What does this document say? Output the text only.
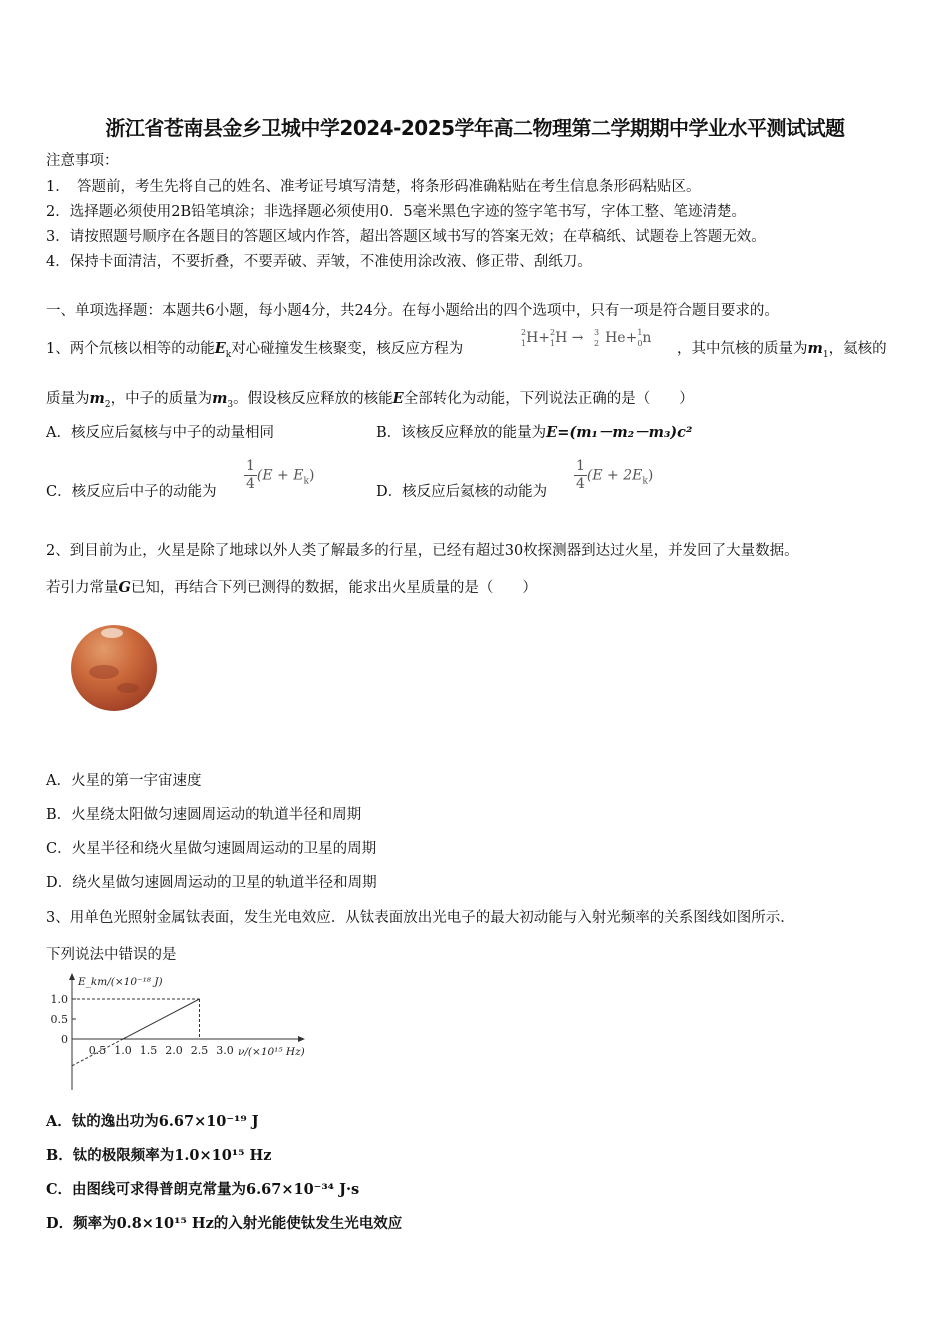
浙江省苍南县金乡卫城中学2024-2025学年高二物理第二学期期中学业水平测试试题
注意事项：
1．　答题前，考生先将自己的姓名、准考证号填写清楚，将条形码准确粘贴在考生信息条形码粘贴区。
2．选择题必须使用2B铅笔填涂；非选择题必须使用0．5毫米黑色字迹的签字笔书写，字体工整、笔迹清楚。
3．请按照题号顺序在各题目的答题区域内作答，超出答题区域书写的答案无效；在草稿纸、试题卷上答题无效。
4．保持卡面清洁，不要折叠，不要弄破、弄皱，不准使用涂改液、修正带、刮纸刀。
一、单项选择题：本题共6小题，每小题4分，共24分。在每小题给出的四个选项中，只有一项是符合题目要求的。
1、两个氘核以相等的动能$E_k$对心碰撞发生核聚变，核反应方程为
2
1 H+ 2
1 H → 3
2 He+ 1
0 n
，其中氘核的质量为$m_1$，氦核的
质量为$m_2$，中子的质量为$m_3$。假设核反应释放的核能E全部转化为动能，下列说法正确的是（　　）
A．核反应后氦核与中子的动量相同	B．该核反应释放的能量为E=(m₁－m₂－m₃)c²
C．核反应后中子的动能为 $\frac{1}{4} (E + E_k)$
D．核反应后氦核的动能为 $\frac{1}{4} (E + 2E_k)$
2、到目前为止，火星是除了地球以外人类了解最多的行星，已经有超过30枚探测器到达过火星，并发回了大量数据。
若引力常量G已知，再结合下列已测得的数据，能求出火星质量的是（　　）
A．火星的第一宇宙速度
B．火星绕太阳做匀速圆周运动的轨道半径和周期
C．火星半径和绕火星做匀速圆周运动的卫星的周期
D．绕火星做匀速圆周运动的卫星的轨道半径和周期
3、用单色光照射金属钛表面，发生光电效应．从钛表面放出光电子的最大初动能与入射光频率的关系图线如图所示．
下列说法中错误的是
1.0
0.5
0
0.5 1.0 1.5 2.0 2.5 3.0
E_km/(×10⁻¹⁸ J)
ν/(×10¹⁵ Hz)
A．钛的逸出功为6.67×10⁻¹⁹ J
B．钛的极限频率为1.0×10¹⁵ Hz
C．由图线可求得普朗克常量为6.67×10⁻³⁴ J·s
D．频率为0.8×10¹⁵ Hz的入射光能使钛发生光电效应
